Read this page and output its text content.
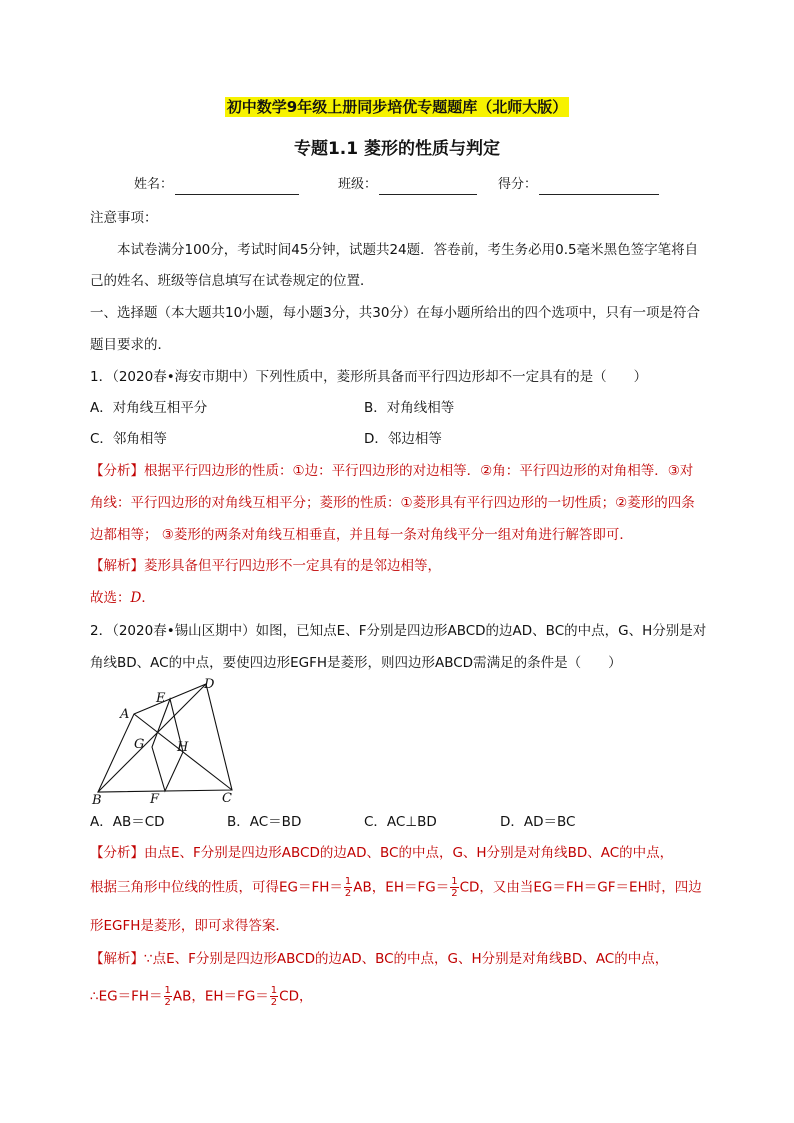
初中数学9年级上册同步培优专题题库（北师大版）
专题1.1 菱形的性质与判定
姓名：	班级：	得分：
注意事项：
本试卷满分100分，考试时间45分钟，试题共24题．答卷前，考生务必用0.5毫米黑色签字笔将自
己的姓名、班级等信息填写在试卷规定的位置．
一、选择题（本大题共10小题，每小题3分，共30分）在每小题所给出的四个选项中，只有一项是符合
题目要求的．
1．（2020春•海安市期中）下列性质中，菱形所具备而平行四边形却不一定具有的是（　　）
A．对角线互相平分	B．对角线相等
C．邻角相等	D．邻边相等
【分析】根据平行四边形的性质：①边：平行四边形的对边相等．②角：平行四边形的对角相等．③对
角线：平行四边形的对角线互相平分；菱形的性质：①菱形具有平行四边形的一切性质；②菱形的四条
边都相等； ③菱形的两条对角线互相垂直，并且每一条对角线平分一组对角进行解答即可．
【解析】菱形具备但平行四边形不一定具有的是邻边相等，
故选：D．
2．（2020春•锡山区期中）如图，已知点E、F分别是四边形ABCD的边AD、BC的中点，G、H分别是对
角线BD、AC的中点，要使四边形EGFH是菱形，则四边形ABCD需满足的条件是（　　）
A
B	C
D
E
F
G	H
A．AB＝CD	B．AC＝BD	C．AC⊥BD	D．AD＝BC
【分析】由点E、F分别是四边形ABCD的边AD、BC的中点，G、H分别是对角线BD、AC的中点，
根据三角形中位线的性质，可得$EG=FH= \frac{1}{2}$ AB，$EH=FG= \frac{1}{2}$ CD，又由当EG＝FH＝GF＝EH时，四边
形EGFH是菱形，即可求得答案．
【解析】∵点E、F分别是四边形ABCD的边AD、BC的中点，G、H分别是对角线BD、AC的中点，
∴EG＝FH＝ $\frac{1}{2}$ AB，$EH=FG= \frac{1}{2}$ CD，
